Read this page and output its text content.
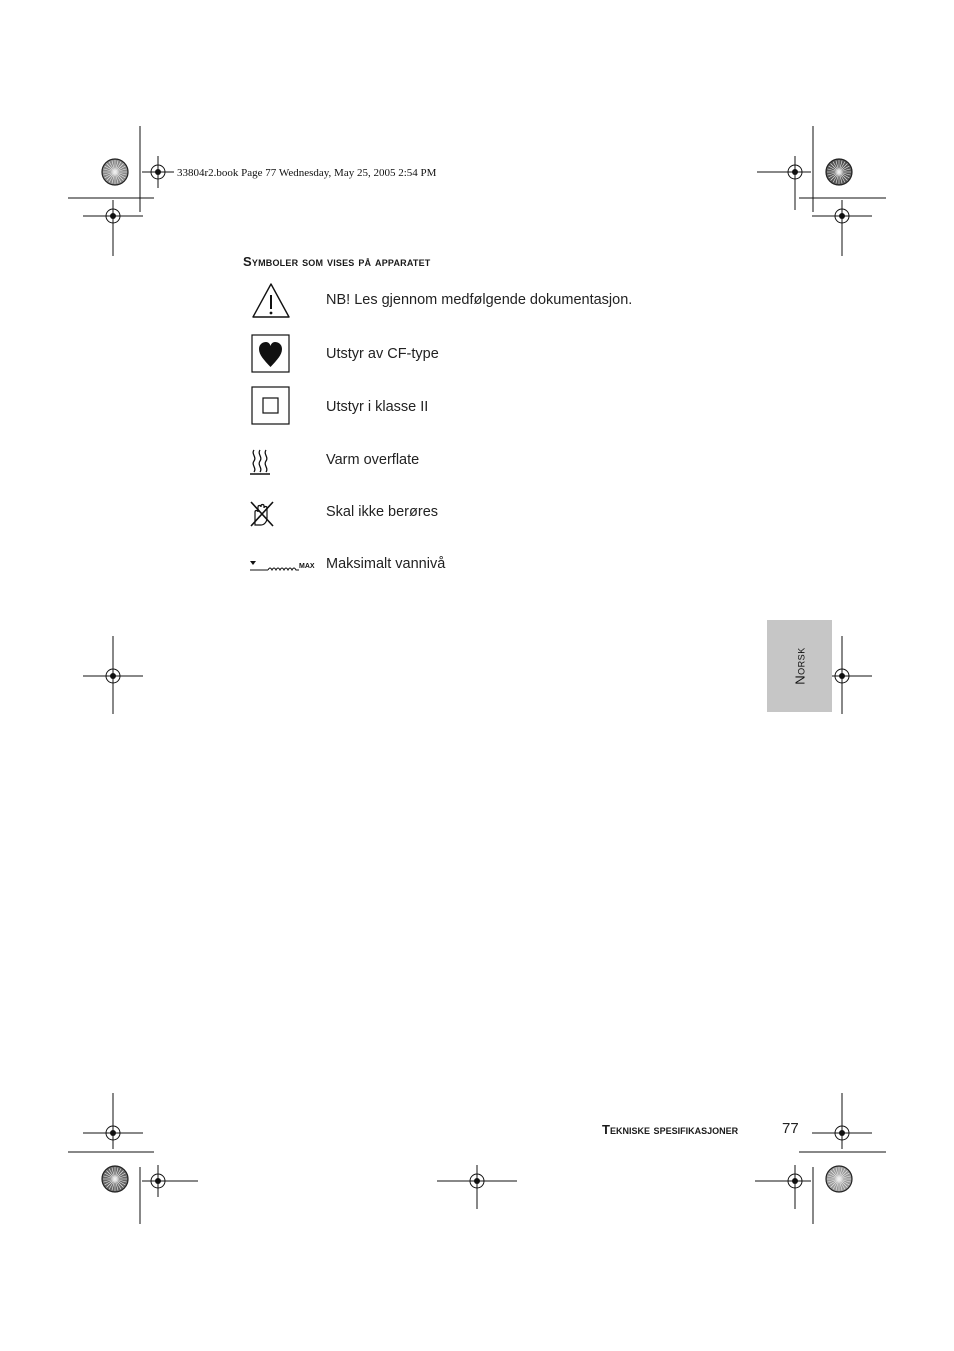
33804r2.book Page 77 Wednesday, May 25, 2005 2:54 PM
Symboler som vises på apparatet
NB! Les gjennom medfølgende dokumentasjon.
Utstyr av CF-type
Utstyr i klasse II
Varm overflate
Skal ikke berøres
MAX Maksimalt vannivå
Norsk
Tekniske spesifikasjoner	77
